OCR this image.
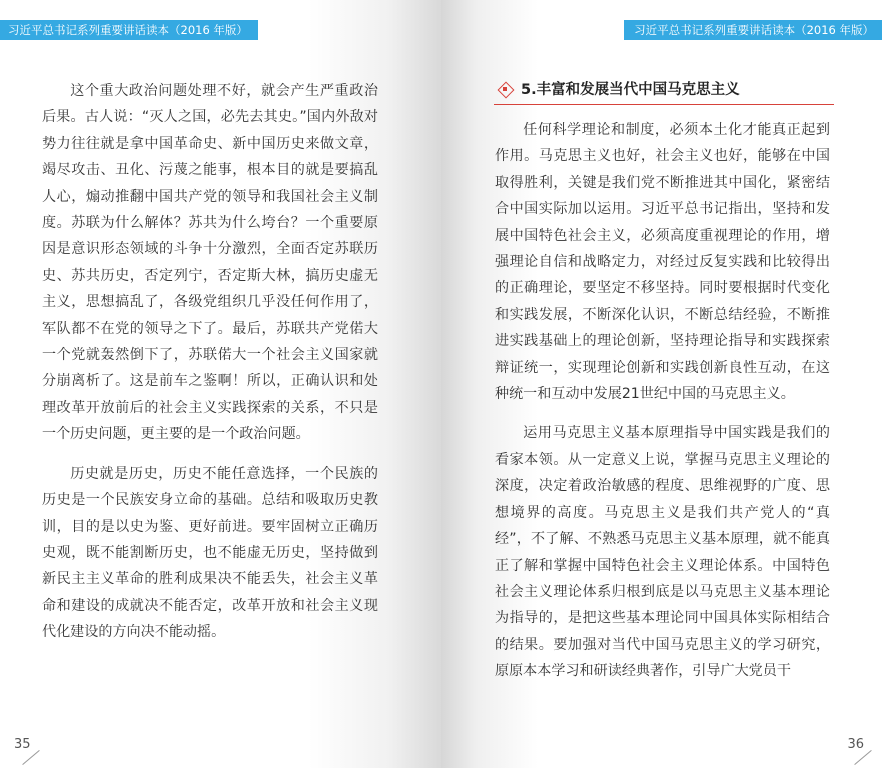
习近平总书记系列重要讲话读本（2016 年版）

这个重大政治问题处理不好，就会产生严重政治后果。古人说：“灭人之国，必先去其史。”国内外敌对势力往往就是拿中国革命史、新中国历史来做文章，竭尽攻击、丑化、污蔑之能事，根本目的就是要搞乱人心，煽动推翻中国共产党的领导和我国社会主义制度。苏联为什么解体？苏共为什么垮台？一个重要原因是意识形态领域的斗争十分激烈，全面否定苏联历史、苏共历史，否定列宁，否定斯大林，搞历史虚无主义，思想搞乱了，各级党组织几乎没任何作用了，军队都不在党的领导之下了。最后，苏联共产党偌大一个党就轰然倒下了，苏联偌大一个社会主义国家就分崩离析了。这是前车之鉴啊！所以，正确认识和处理改革开放前后的社会主义实践探索的关系，不只是一个历史问题，更主要的是一个政治问题。

历史就是历史，历史不能任意选择，一个民族的历史是一个民族安身立命的基础。总结和吸取历史教训，目的是以史为鉴、更好前进。要牢固树立正确历史观，既不能割断历史，也不能虚无历史，坚持做到新民主主义革命的胜利成果决不能丢失，社会主义革命和建设的成就决不能否定，改革开放和社会主义现代化建设的方向决不能动摇。

35
习近平总书记系列重要讲话读本（2016 年版）
5.丰富和发展当代中国马克思主义

任何科学理论和制度，必须本土化才能真正起到作用。马克思主义也好，社会主义也好，能够在中国取得胜利，关键是我们党不断推进其中国化，紧密结合中国实际加以运用。习近平总书记指出，坚持和发展中国特色社会主义，必须高度重视理论的作用，增强理论自信和战略定力，对经过反复实践和比较得出的正确理论，要坚定不移坚持。同时要根据时代变化和实践发展，不断深化认识，不断总结经验，不断推进实践基础上的理论创新，坚持理论指导和实践探索辩证统一，实现理论创新和实践创新良性互动，在这种统一和互动中发展21世纪中国的马克思主义。

运用马克思主义基本原理指导中国实践是我们的看家本领。从一定意义上说，掌握马克思主义理论的深度，决定着政治敏感的程度、思维视野的广度、思想境界的高度。马克思主义是我们共产党人的“真经”，不了解、不熟悉马克思主义基本原理，就不能真正了解和掌握中国特色社会主义理论体系。中国特色社会主义理论体系归根到底是以马克思主义基本理论为指导的，是把这些基本理论同中国具体实际相结合的结果。要加强对当代中国马克思主义的学习研究，原原本本学习和研读经典著作，引导广大党员干

36
